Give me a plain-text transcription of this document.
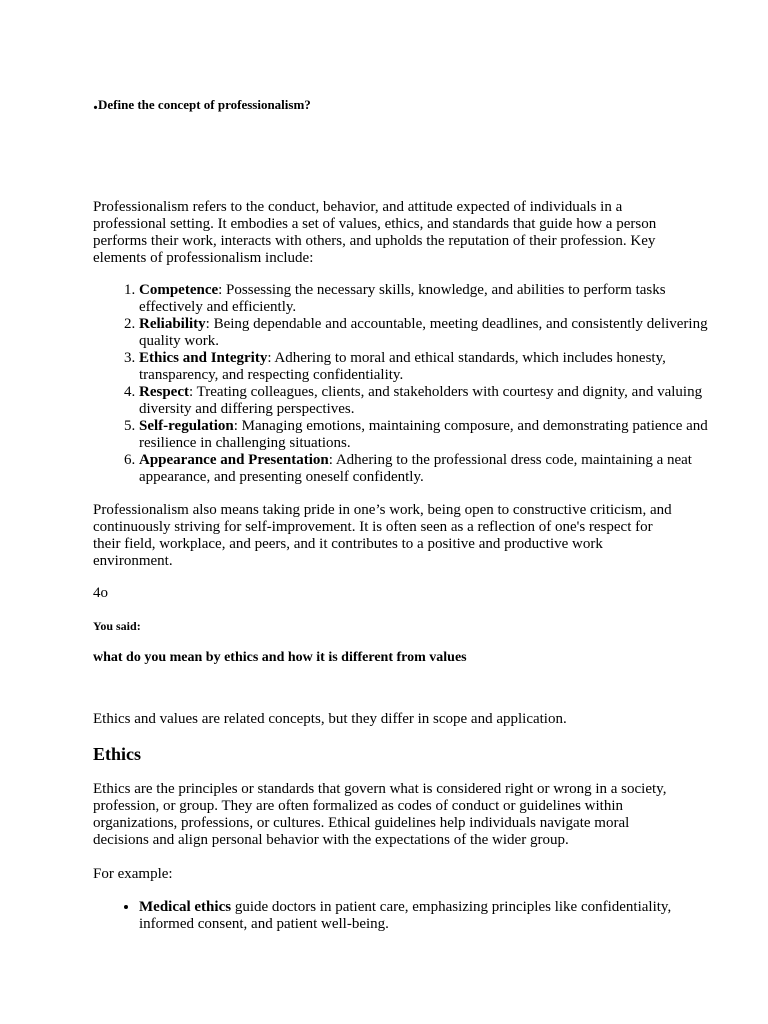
.Define the concept of professionalism?

Professionalism refers to the conduct, behavior, and attitude expected of individuals in a professional setting. It embodies a set of values, ethics, and standards that guide how a person performs their work, interacts with others, and upholds the reputation of their profession. Key elements of professionalism include:

1. Competence: Possessing the necessary skills, knowledge, and abilities to perform tasks effectively and efficiently.
2. Reliability: Being dependable and accountable, meeting deadlines, and consistently delivering quality work.
3. Ethics and Integrity: Adhering to moral and ethical standards, which includes honesty, transparency, and respecting confidentiality.
4. Respect: Treating colleagues, clients, and stakeholders with courtesy and dignity, and valuing diversity and differing perspectives.
5. Self-regulation: Managing emotions, maintaining composure, and demonstrating patience and resilience in challenging situations.
6. Appearance and Presentation: Adhering to the professional dress code, maintaining a neat appearance, and presenting oneself confidently.

Professionalism also means taking pride in one’s work, being open to constructive criticism, and continuously striving for self-improvement. It is often seen as a reflection of one's respect for their field, workplace, and peers, and it contributes to a positive and productive work environment.

4o

You said:
what do you mean by ethics and how it is different from values

Ethics and values are related concepts, but they differ in scope and application.

Ethics

Ethics are the principles or standards that govern what is considered right or wrong in a society, profession, or group. They are often formalized as codes of conduct or guidelines within organizations, professions, or cultures. Ethical guidelines help individuals navigate moral decisions and align personal behavior with the expectations of the wider group.

For example:

• Medical ethics guide doctors in patient care, emphasizing principles like confidentiality, informed consent, and patient well-being.
